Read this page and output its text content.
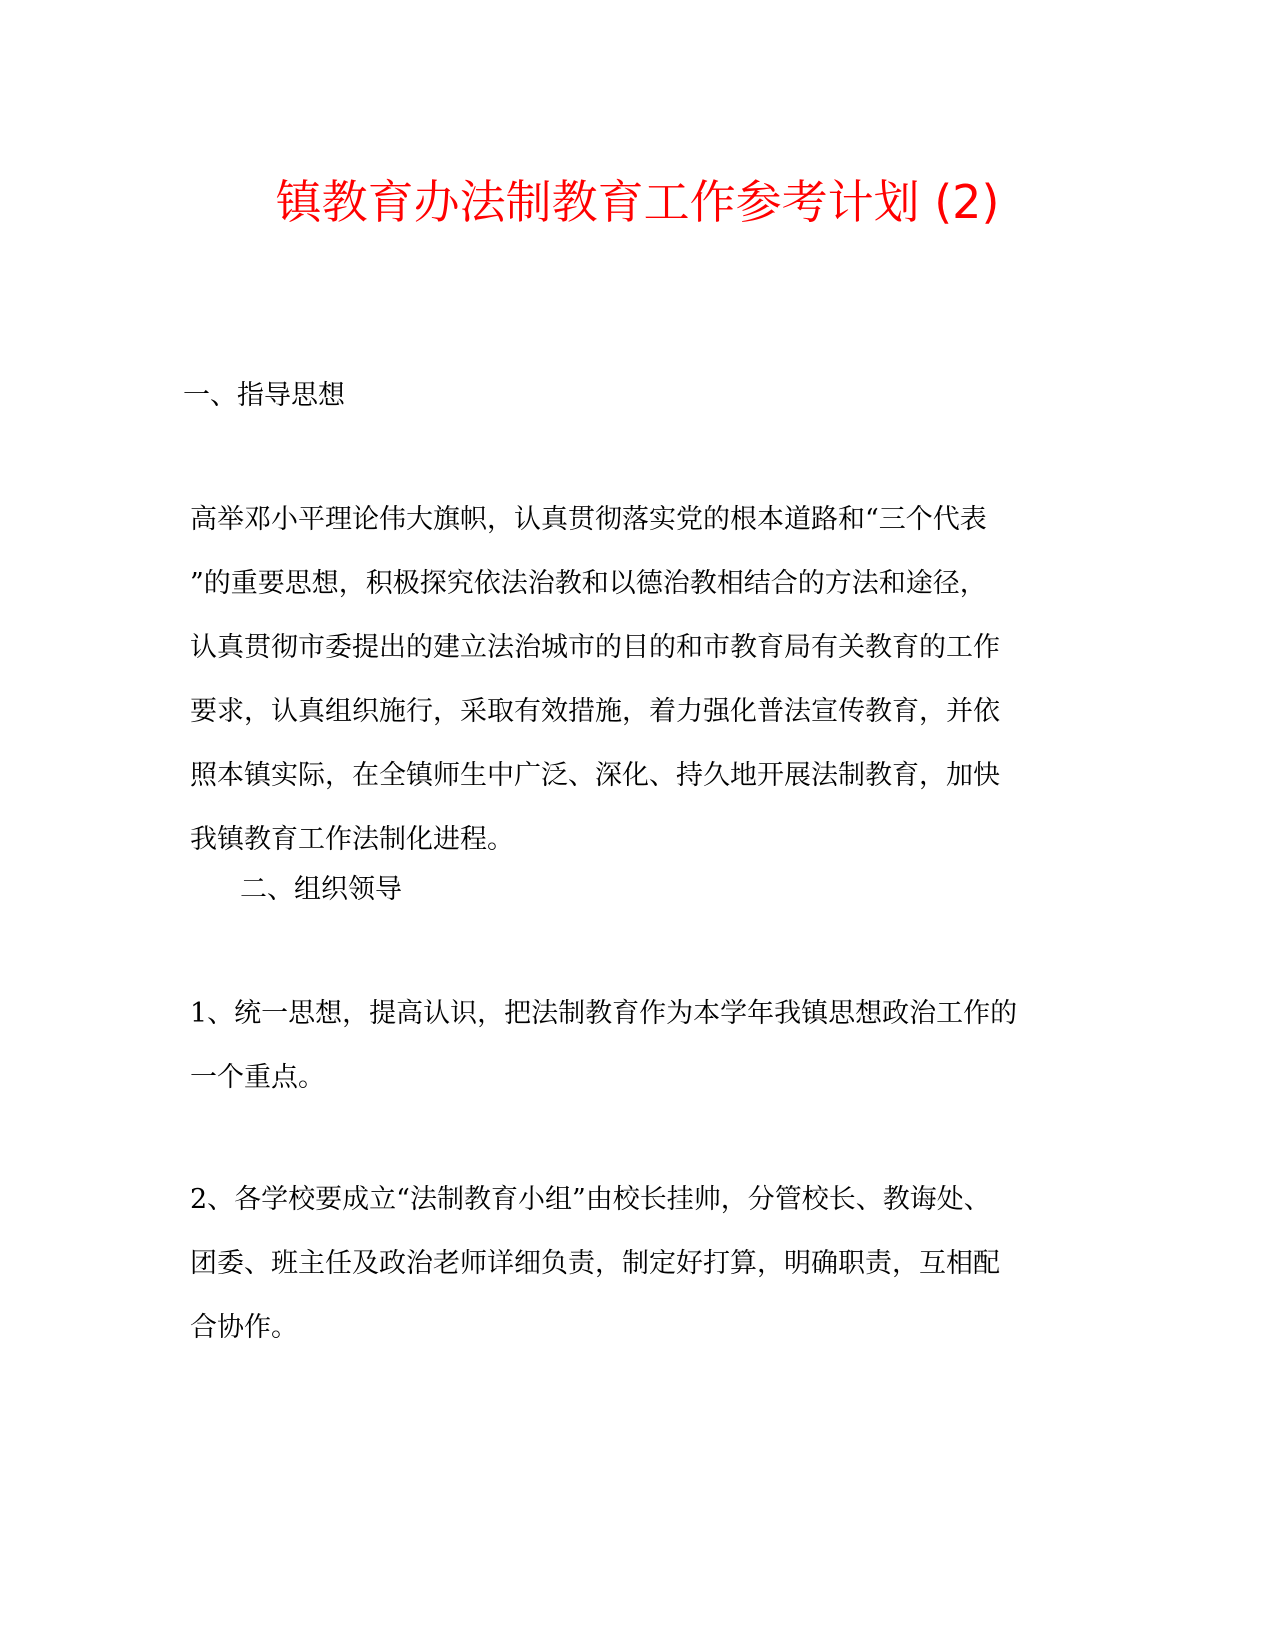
镇教育办法制教育工作参考计划 (2)
一、指导思想
高举邓小平理论伟大旗帜，认真贯彻落实党的根本道路和“三个代表
”的重要思想，积极探究依法治教和以德治教相结合的方法和途径，
认真贯彻市委提出的建立法治城市的目的和市教育局有关教育的工作
要求，认真组织施行，采取有效措施，着力强化普法宣传教育，并依
照本镇实际，在全镇师生中广泛、深化、持久地开展法制教育，加快
我镇教育工作法制化进程。
二、组织领导
1、统一思想，提高认识，把法制教育作为本学年我镇思想政治工作的
一个重点。
2、各学校要成立“法制教育小组”由校长挂帅，分管校长、教诲处、
团委、班主任及政治老师详细负责，制定好打算，明确职责，互相配
合协作。
